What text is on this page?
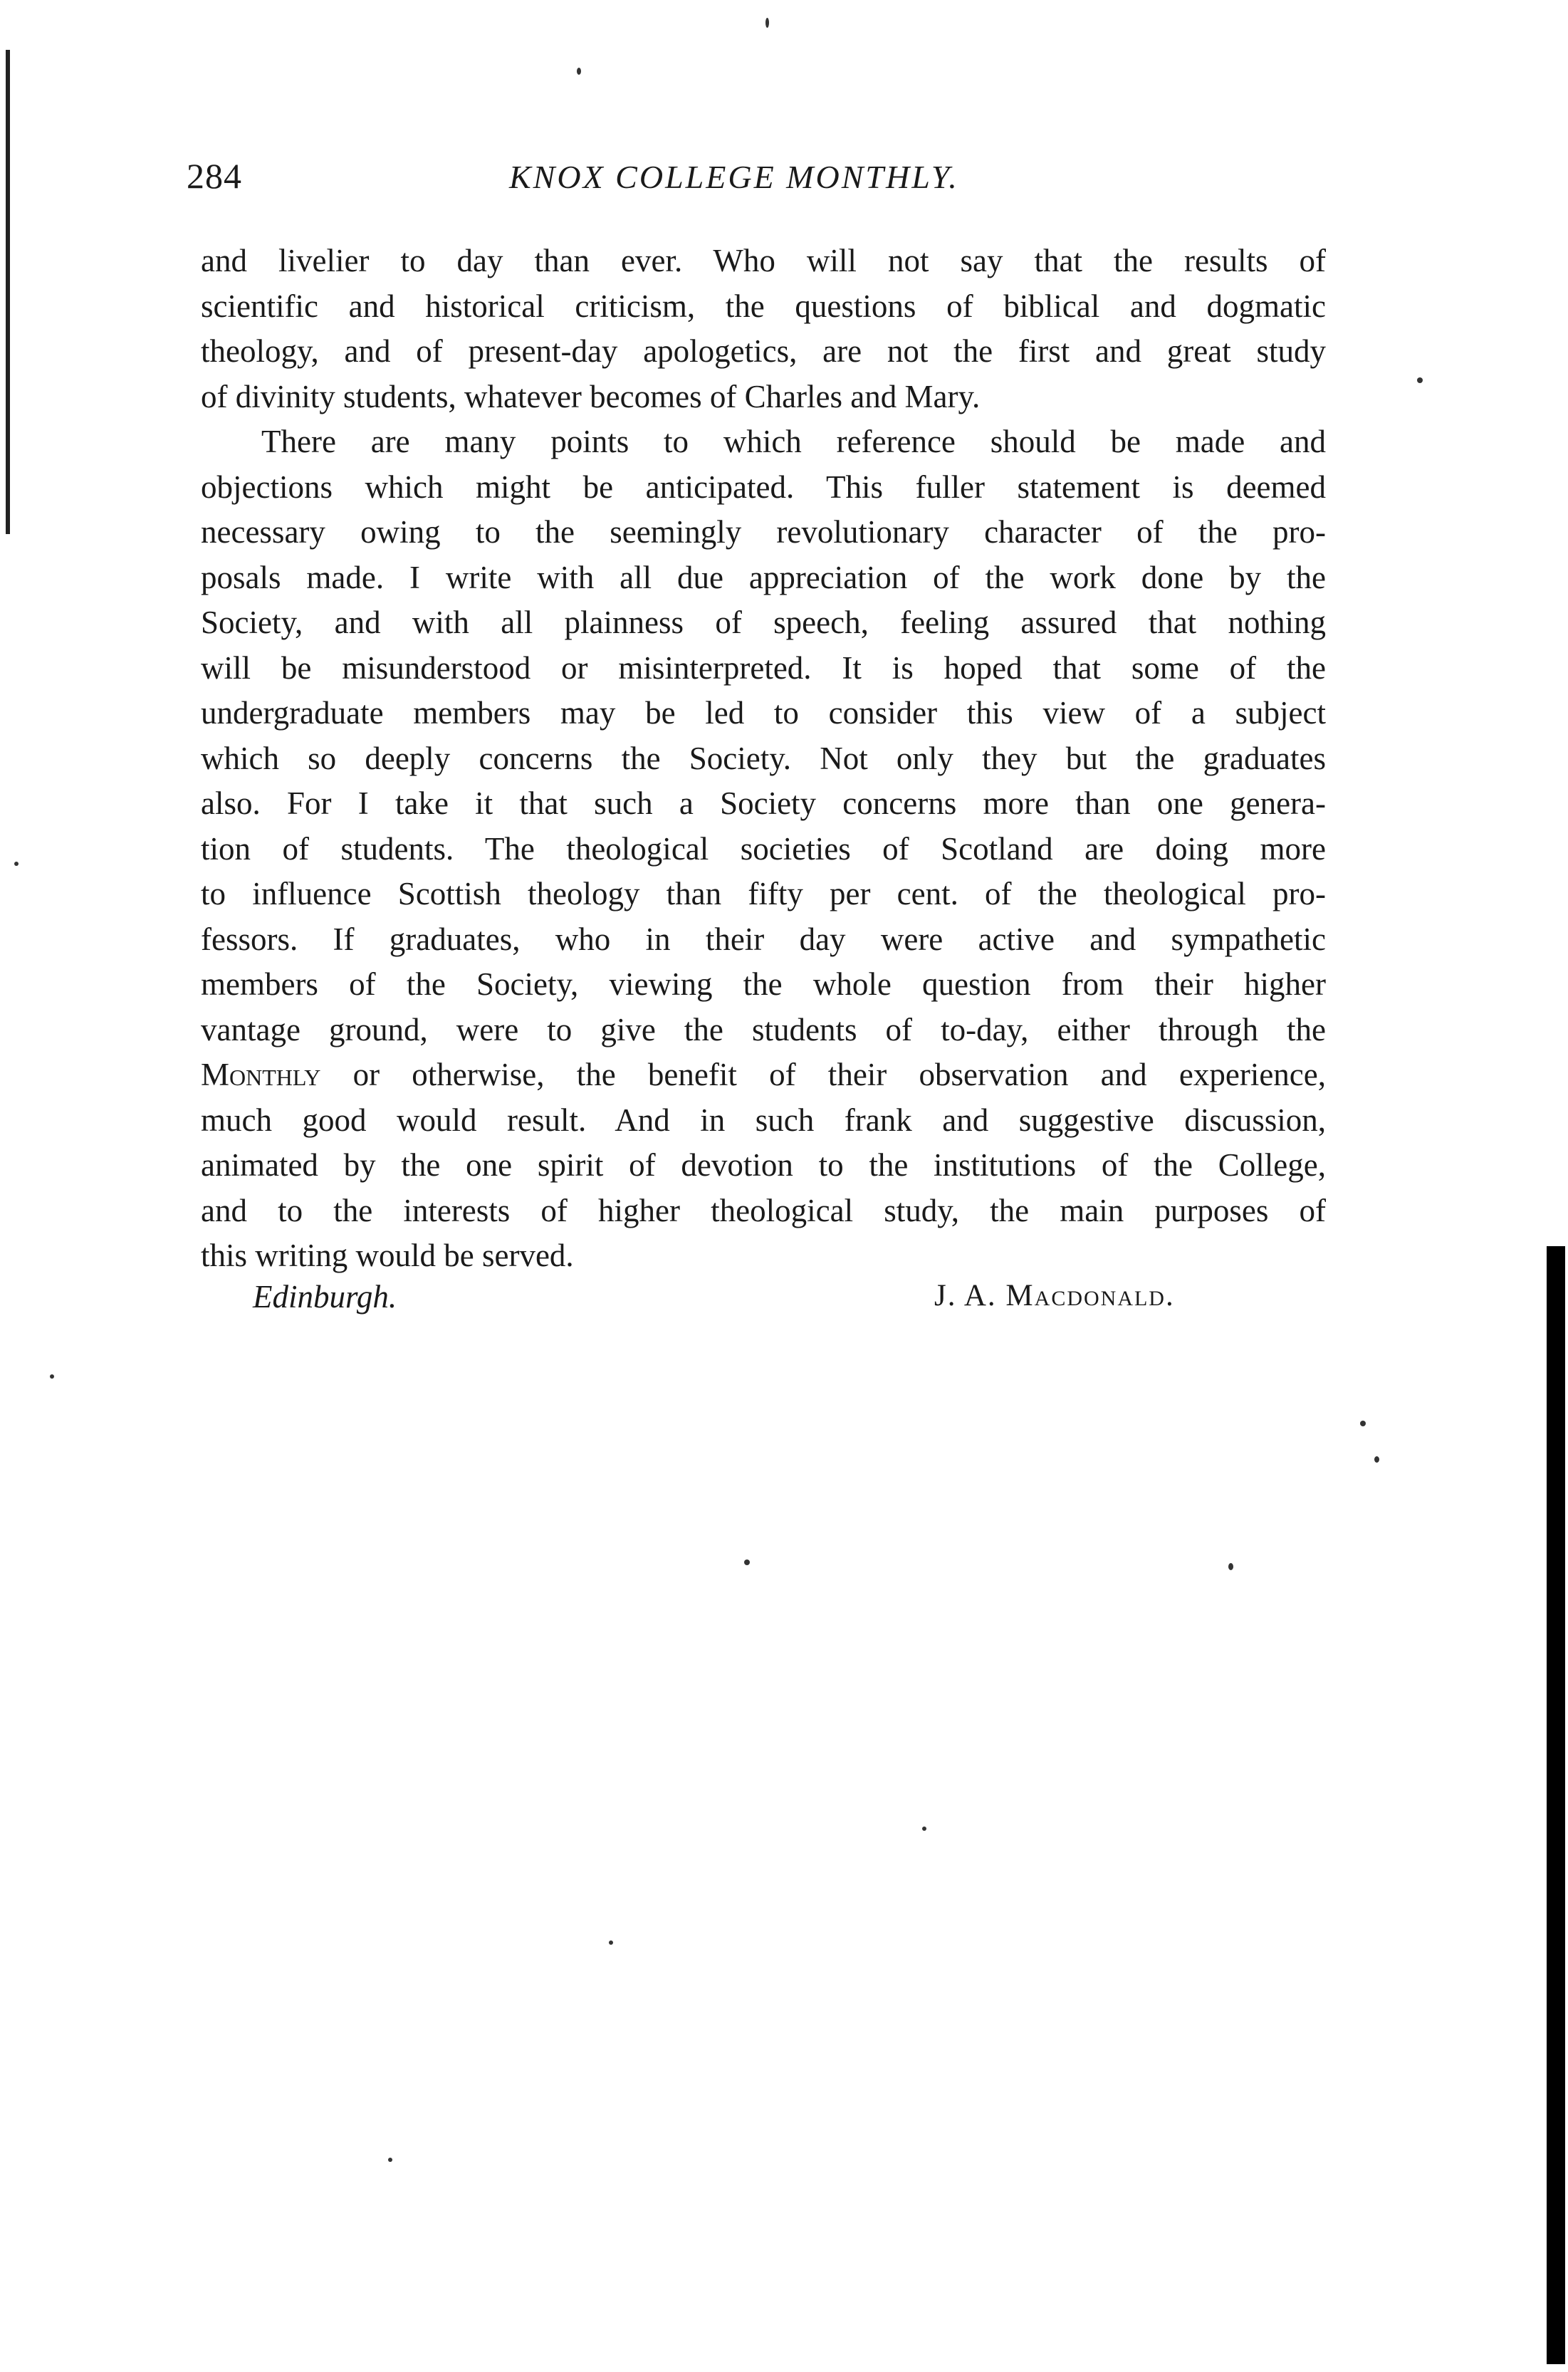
284	KNOX COLLEGE MONTHLY.
and livelier to day than ever. Who will not say that the results of
scientific and historical criticism, the questions of biblical and dogmatic
theology, and of present-day apologetics, are not the first and great study
of divinity students, whatever becomes of Charles and Mary.
There are many points to which reference should be made and
objections which might be anticipated. This fuller statement is deemed
necessary owing to the seemingly revolutionary character of the pro-
posals made. I write with all due appreciation of the work done by the
Society, and with all plainness of speech, feeling assured that nothing
will be misunderstood or misinterpreted. It is hoped that some of the
undergraduate members may be led to consider this view of a subject
which so deeply concerns the Society. Not only they but the graduates
also. For I take it that such a Society concerns more than one genera-
tion of students. The theological societies of Scotland are doing more
to influence Scottish theology than fifty per cent. of the theological pro-
fessors. If graduates, who in their day were active and sympathetic
members of the Society, viewing the whole question from their higher
vantage ground, were to give the students of to-day, either through the
Monthly or otherwise, the benefit of their observation and experience,
much good would result. And in such frank and suggestive discussion,
animated by the one spirit of devotion to the institutions of the College,
and to the interests of higher theological study, the main purposes of
this writing would be served.
Edinburgh.	J. A. Macdonald.
